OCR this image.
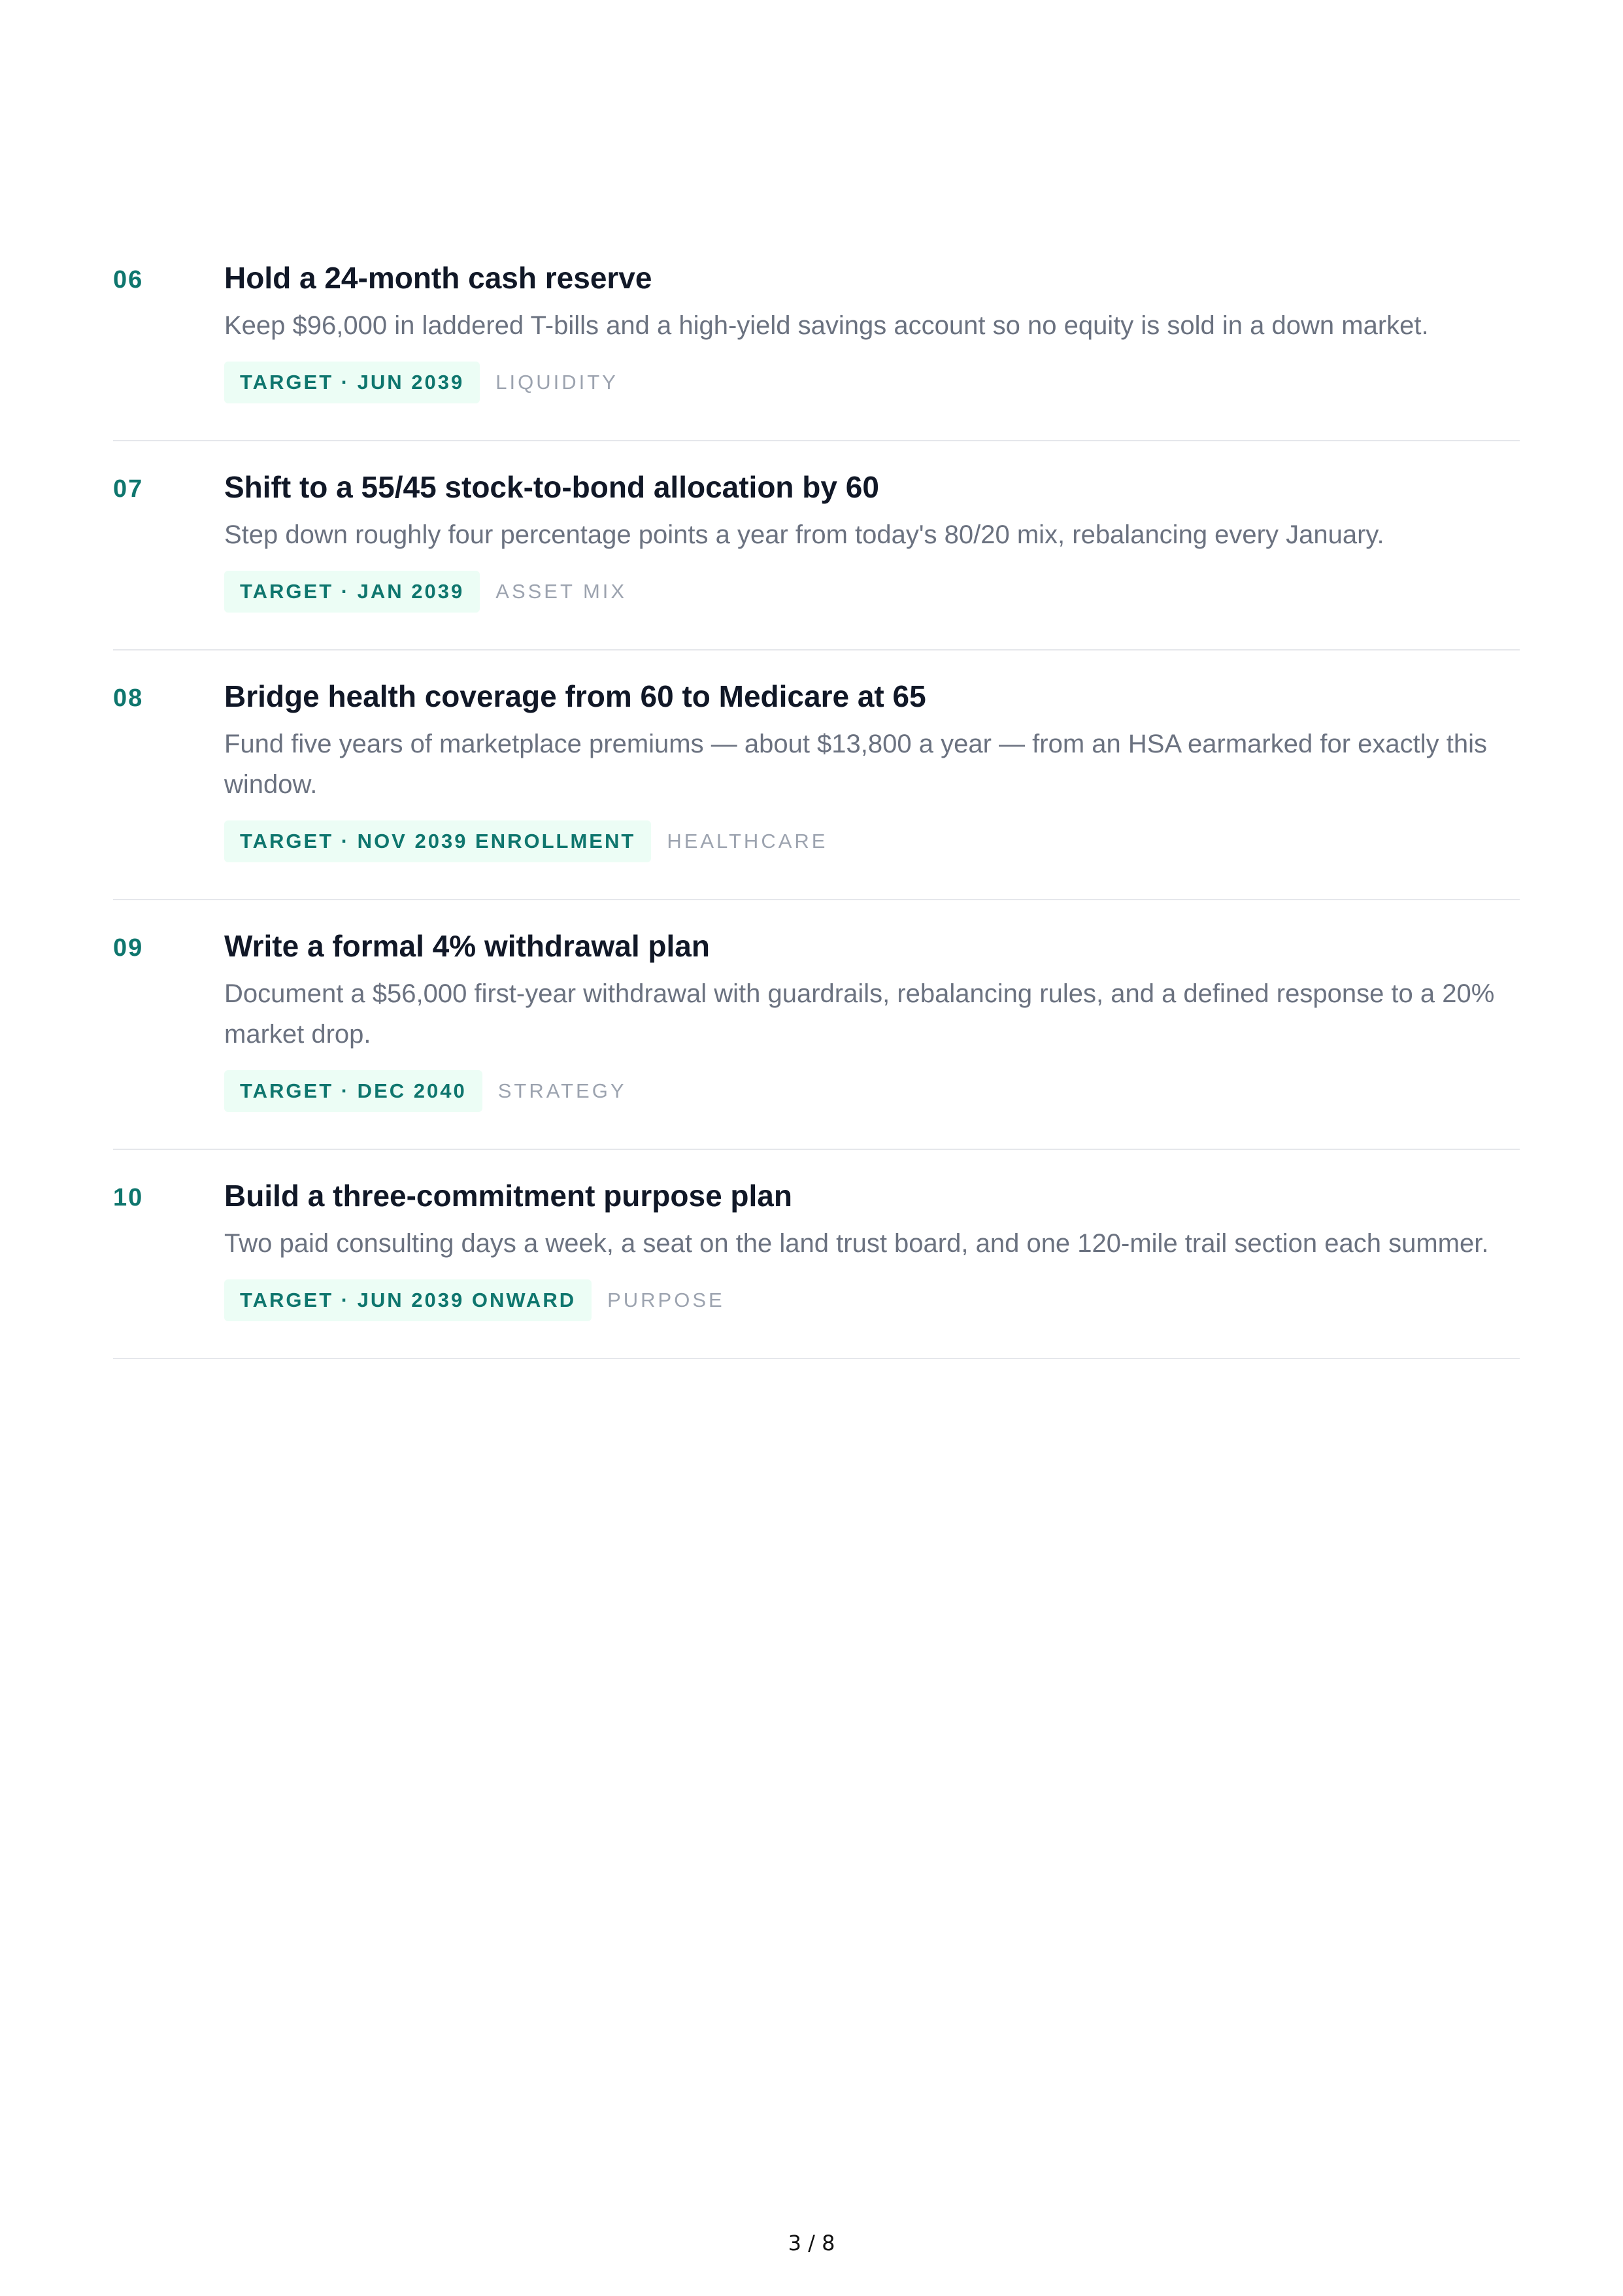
06	Hold a 24-month cash reserve
Keep $96,000 in laddered T-bills and a high-yield savings account so no equity is sold in a down market.
TARGET · JUN 2039	LIQUIDITY
07	Shift to a 55/45 stock-to-bond allocation by 60
Step down roughly four percentage points a year from today's 80/20 mix, rebalancing every January.
TARGET · JAN 2039	ASSET MIX
08	Bridge health coverage from 60 to Medicare at 65
Fund five years of marketplace premiums — about $13,800 a year — from an HSA earmarked for exactly this window.
TARGET · NOV 2039 ENROLLMENT	HEALTHCARE
09	Write a formal 4% withdrawal plan
Document a $56,000 first-year withdrawal with guardrails, rebalancing rules, and a defined response to a 20% market drop.
TARGET · DEC 2040	STRATEGY
10	Build a three-commitment purpose plan
Two paid consulting days a week, a seat on the land trust board, and one 120-mile trail section each summer.
TARGET · JUN 2039 ONWARD	PURPOSE
3 / 8
